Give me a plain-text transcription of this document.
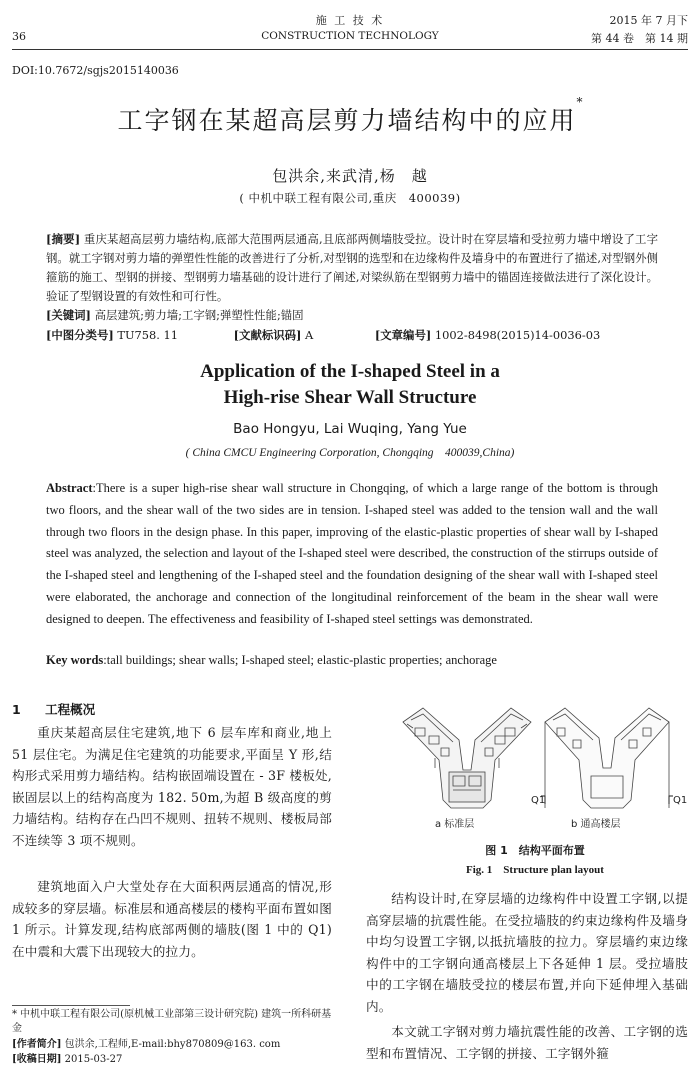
36
施 工 技 术
CONSTRUCTION TECHNOLOGY
2015 年 7 月下
第 44 卷　第 14 期
DOI:10.7672/sgjs2015140036
工字钢在某超高层剪力墙结构中的应用*
包洪余,来武清,杨　越
( 中机中联工程有限公司,重庆　400039)
[摘要] 重庆某超高层剪力墙结构,底部大范围两层通高,且底部两侧墙肢受拉。设计时在穿层墙和受拉剪力墙中增设了工字钢。就工字钢对剪力墙的弹塑性性能的改善进行了分析,对型钢的选型和在边缘构件及墙身中的布置进行了描述,对型钢外侧箍筋的施工、型钢的拼接、型钢剪力墙基础的设计进行了阐述,对梁纵筋在型钢剪力墙中的锚固连接做法进行了深化设计。验证了型钢设置的有效性和可行性。
[关键词] 高层建筑;剪力墙;工字钢;弹塑性性能;锚固
[中图分类号] TU758. 11	[文献标识码] A	[文章编号] 1002-8498(2015)14-0036-03
Application of the I-shaped Steel in a
High-rise Shear Wall Structure
Bao Hongyu, Lai Wuqing, Yang Yue
( China CMCU Engineering Corporation, Chongqing　400039,China)
Abstract:There is a super high-rise shear wall structure in Chongqing, of which a large range of the bottom is through two floors, and the shear wall of the two sides are in tension. I-shaped steel was added to the tension wall and the wall through two floors in the design phase. In this paper, improving of the elastic-plastic properties of shear wall by I-shaped steel was analyzed, the selection and layout of the I-shaped steel were described, the construction of the stirrups outside of the I-shaped steel and lengthening of the I-shaped steel and the foundation designing of the shear wall with I-shaped steel were elaborated, the anchorage and connection of the longitudinal reinforcement of the beam in the shear wall were designed to deepen. The effectiveness and feasibility of I-shaped steel settings was demonstrated.
Key words:tall buildings; shear walls; I-shaped steel; elastic-plastic properties; anchorage
1 工程概况
重庆某超高层住宅建筑,地下 6 层车库和商业,地上 51 层住宅。为满足住宅建筑的功能要求,平面呈 Y 形,结构形式采用剪力墙结构。结构嵌固端设置在 - 3F 楼板处,嵌固层以上的结构高度为 182. 50m,为超 B 级高度的剪力墙结构。结构存在凸凹不规则、扭转不规则、楼板局部不连续等 3 项不规则。
建筑地面入户大堂处存在大面积两层通高的情况,形成较多的穿层墙。标准层和通高楼层的楼构平面布置如图 1 所示。计算发现,结构底部两侧的墙肢(图 1 中的 Q1) 在中震和大震下出现较大的拉力。
* 中机中联工程有限公司(原机械工业部第三设计研究院) 建筑一所科研基金
[作者简介] 包洪余,工程师,E-mail:bhy870809@163. com
[收稿日期] 2015-03-27
Q1	Q1
a 标准层	b 通高楼层
图 1　结构平面布置
Fig. 1　Structure plan layout
结构设计时,在穿层墙的边缘构件中设置工字钢,以提高穿层墙的抗震性能。在受拉墙肢的约束边缘构件及墙身中均匀设置工字钢,以抵抗墙肢的拉力。穿层墙约束边缘构件中的工字钢向通高楼层上下各延伸 1 层。受拉墙肢中的工字钢在墙肢受拉的楼层布置,并向下延伸埋入基础内。
本文就工字钢对剪力墙抗震性能的改善、工字钢的选型和布置情况、工字钢的拼接、工字钢外箍
